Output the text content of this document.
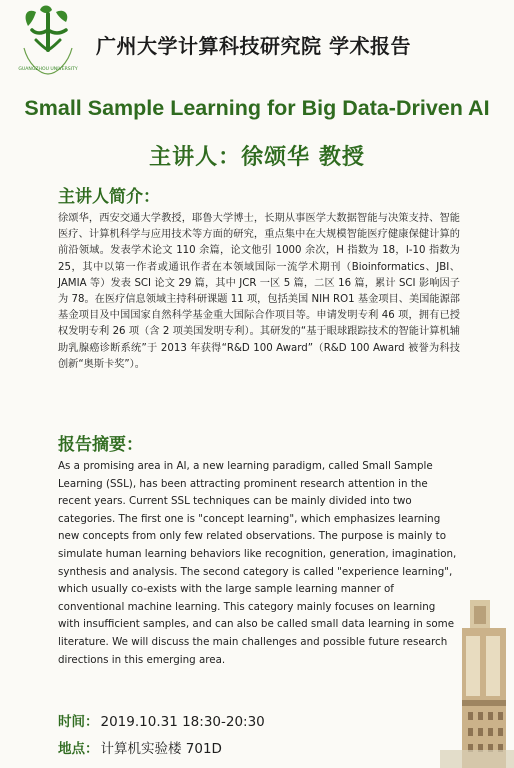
GUANGZHOU UNIVERSITY
广州大学计算科技研究院 学术报告
Small Sample Learning for Big Data-Driven AI
主讲人：徐颂华 教授
主讲人简介：
徐颂华，西安交通大学教授，耶鲁大学博士，长期从事医学大数据智能与决策支持、智能医疗、计算机科学与应用技术等方面的研究，重点集中在大规模智能医疗健康保健计算的前沿领域。发表学术论文 110 余篇，论文他引 1000 余次，H 指数为 18，I-10 指数为 25，其中以第一作者或通讯作者在本领域国际一流学术期刊（Bioinformatics、JBI、JAMIA 等）发表 SCI 论文 29 篇，其中 JCR 一区 5 篇，二区 16 篇，累计 SCI 影响因子为 78。在医疗信息领域主持科研课题 11 项，包括美国 NIH RO1 基金项目、美国能源部基金项目及中国国家自然科学基金重大国际合作项目等。申请发明专利 46 项，拥有已授权发明专利 26 项（含 2 项美国发明专利）。其研发的“基于眼球跟踪技术的智能计算机辅助乳腺癌诊断系统”于 2013 年获得“R&D 100 Award”（R&D 100 Award 被誉为科技创新“奥斯卡奖”）。
报告摘要：
As a promising area in AI, a new learning paradigm, called Small Sample Learning (SSL), has been attracting prominent research attention in the recent years. Current SSL techniques can be mainly divided into two categories. The first one is "concept learning", which emphasizes learning new concepts from only few related observations. The purpose is mainly to simulate human learning behaviors like recognition, generation, imagination, synthesis and analysis. The second category is called "experience learning", which usually co-exists with the large sample learning manner of conventional machine learning. This category mainly focuses on learning with insufficient samples, and can also be called small data learning in some literature. We will discuss the main challenges and possible future research directions in this emerging area.
时间： 2019.10.31 18:30-20:30
地点： 计算机实验楼 701D
